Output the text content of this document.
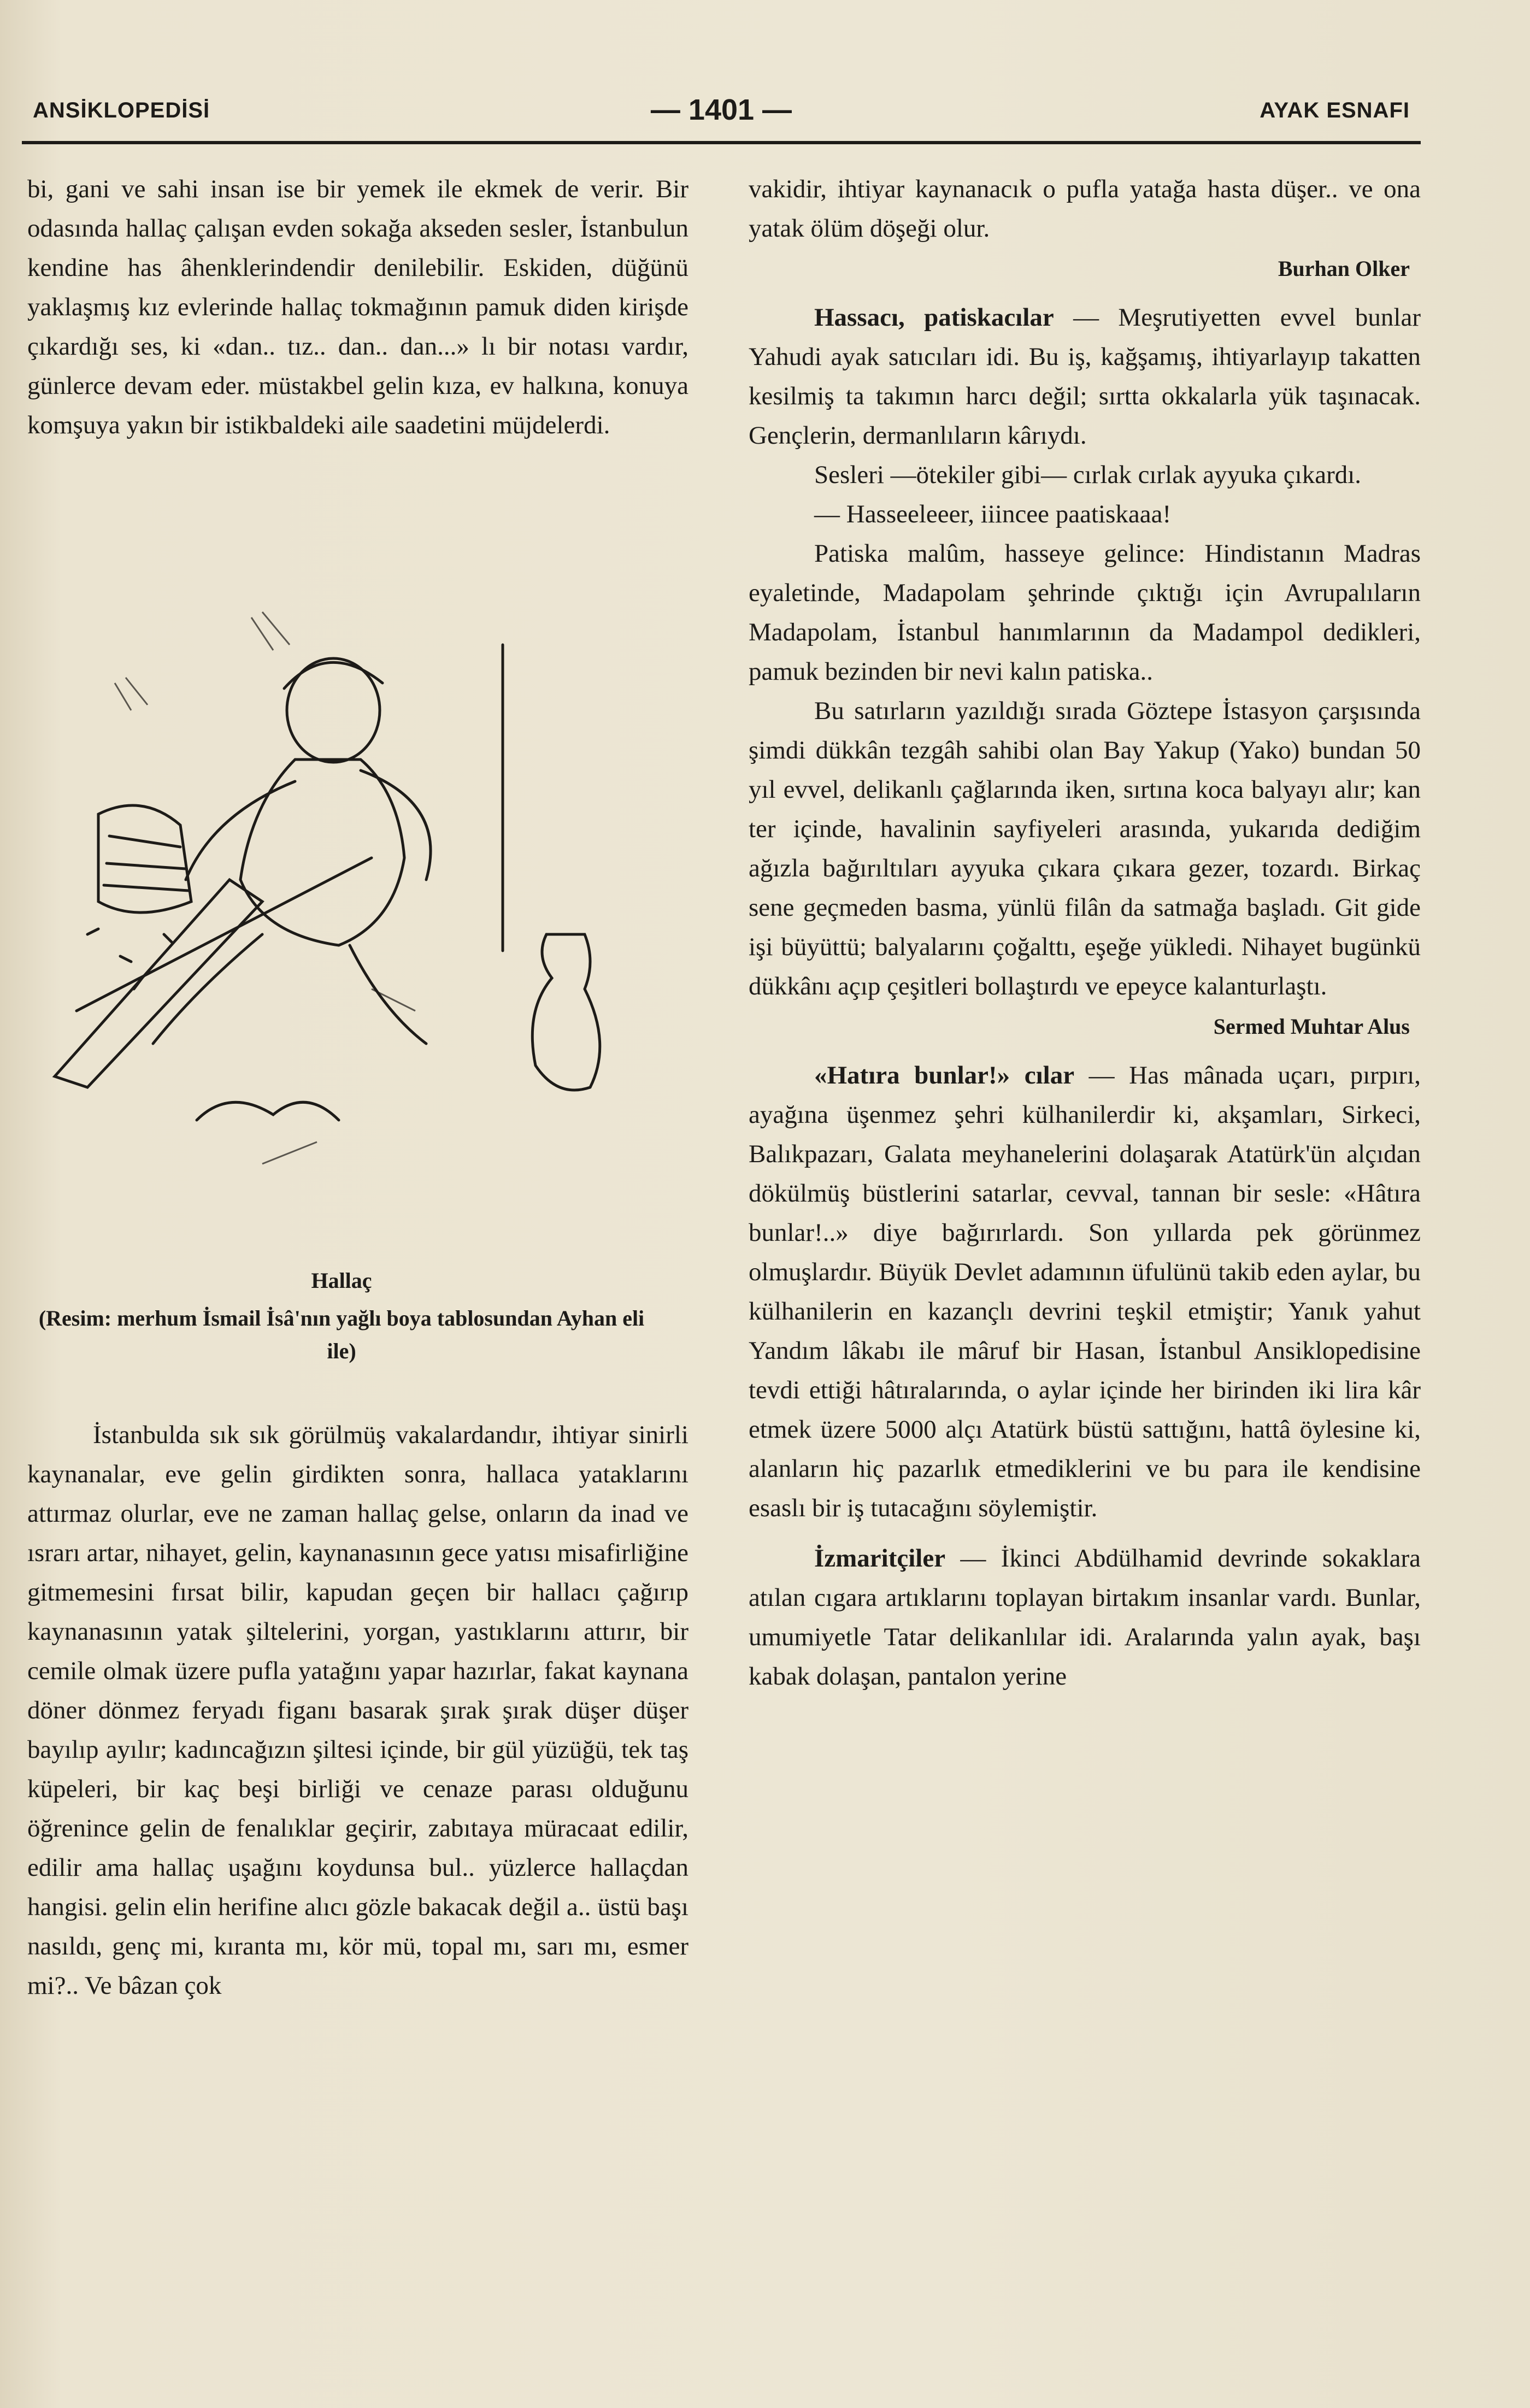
ANSİKLOPEDİSİ	— 1401 —	AYAK ESNAFI

bi, gani ve sahi insan ise bir yemek ile ekmek de verir. Bir odasında hallaç çalışan evden sokağa akseden sesler, İstanbulun kendine has âhenklerindendir denilebilir. Eskiden, düğünü yaklaşmış kız evlerinde hallaç tokmağının pamuk diden kirişde çıkardığı ses, ki «dan.. tız.. dan.. dan...» lı bir notası vardır, günlerce devam eder. müstakbel gelin kıza, ev halkına, konuya komşuya yakın bir istikbaldeki aile saadetini müjdelerdi.

Hallaç
(Resim: merhum İsmail İsâ'nın yağlı boya tablosundan Ayhan eli ile)

İstanbulda sık sık görülmüş vakalardandır, ihtiyar sinirli kaynanalar, eve gelin girdikten sonra, hallaca yataklarını attırmaz olurlar, eve ne zaman hallaç gelse, onların da inad ve ısrarı artar, nihayet, gelin, kaynanasının gece yatısı misafirliğine gitmemesini fırsat bilir, kapudan geçen bir hallacı çağırıp kaynanasının yatak şiltelerini, yorgan, yastıklarını attırır, bir cemile olmak üzere pufla yatağını yapar hazırlar, fakat kaynana döner dönmez feryadı figanı basarak şırak şırak düşer düşer bayılıp ayılır; kadıncağızın şiltesi içinde, bir gül yüzüğü, tek taş küpeleri, bir kaç beşi birliği ve cenaze parası olduğunu öğrenince gelin de fenalıklar geçirir, zabıtaya müracaat edilir, edilir ama hallaç uşağını koydunsa bul.. yüzlerce hallaçdan hangisi. gelin elin herifine alıcı gözle bakacak değil a.. üstü başı nasıldı, genç mi, kıranta mı, kör mü, topal mı, sarı mı, esmer mi?.. Ve bâzan çok

vakidir, ihtiyar kaynanacık o pufla yatağa hasta düşer.. ve ona yatak ölüm döşeği olur.

Burhan Olker

Hassacı, patiskacılar — Meşrutiyetten evvel bunlar Yahudi ayak satıcıları idi. Bu iş, kağşamış, ihtiyarlayıp takatten kesilmiş ta takımın harcı değil; sırtta okkalarla yük taşınacak. Gençlerin, dermanlıların kârıydı.

Sesleri —ötekiler gibi— cırlak cırlak ayyuka çıkardı.

— Hasseeleeer, iiincee paatiskaaa!

Patiska malûm, hasseye gelince: Hindistanın Madras eyaletinde, Madapolam şehrinde çıktığı için Avrupalıların Madapolam, İstanbul hanımlarının da Madampol dedikleri, pamuk bezinden bir nevi kalın patiska..

Bu satırların yazıldığı sırada Göztepe İstasyon çarşısında şimdi dükkân tezgâh sahibi olan Bay Yakup (Yako) bundan 50 yıl evvel, delikanlı çağlarında iken, sırtına koca balyayı alır; kan ter içinde, havalinin sayfiyeleri arasında, yukarıda dediğim ağızla bağırıltıları ayyuka çıkara çıkara gezer, tozardı. Birkaç sene geçmeden basma, yünlü filân da satmağa başladı. Git gide işi büyüttü; balyalarını çoğalttı, eşeğe yükledi. Nihayet bugünkü dükkânı açıp çeşitleri bollaştırdı ve epeyce kalanturlaştı.

Sermed Muhtar Alus

«Hatıra bunlar!» cılar — Has mânada uçarı, pırpırı, ayağına üşenmez şehri külhanilerdir ki, akşamları, Sirkeci, Balıkpazarı, Galata meyhanelerini dolaşarak Atatürk'ün alçıdan dökülmüş büstlerini satarlar, cevval, tannan bir sesle: «Hâtıra bunlar!..» diye bağırırlardı. Son yıllarda pek görünmez olmuşlardır. Büyük Devlet adamının üfulünü takib eden aylar, bu külhanilerin en kazançlı devrini teşkil etmiştir; Yanık yahut Yandım lâkabı ile mâruf bir Hasan, İstanbul Ansiklopedisine tevdi ettiği hâtıralarında, o aylar içinde her birinden iki lira kâr etmek üzere 5000 alçı Atatürk büstü sattığını, hattâ öylesine ki, alanların hiç pazarlık etmediklerini ve bu para ile kendisine esaslı bir iş tutacağını söylemiştir.

İzmaritçiler — İkinci Abdülhamid devrinde sokaklara atılan cıgara artıklarını toplayan birtakım insanlar vardı. Bunlar, umumiyetle Tatar delikanlılar idi. Aralarında yalın ayak, başı kabak dolaşan, pantalon yerine
